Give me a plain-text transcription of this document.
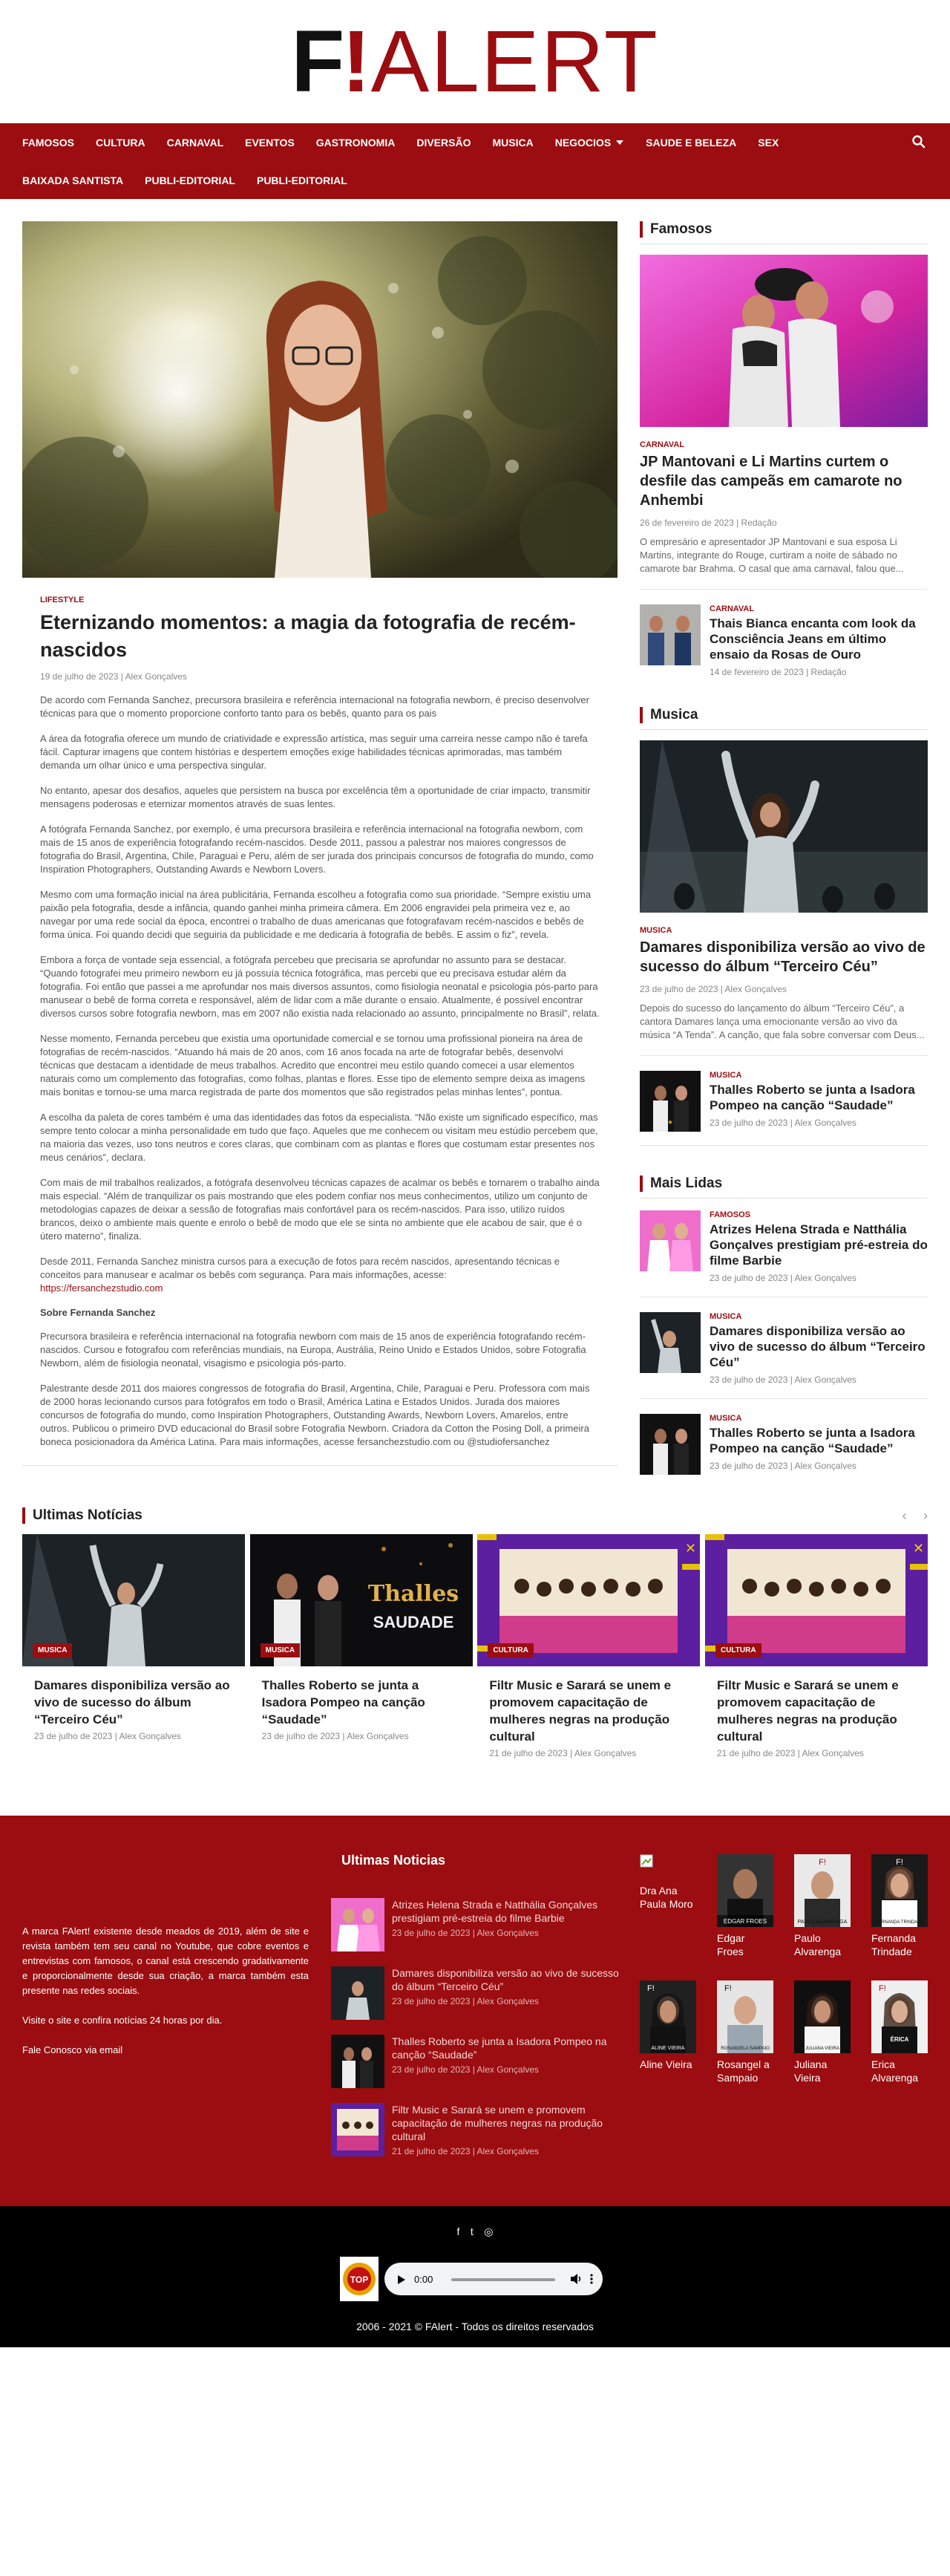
F ! ALERT
FAMOSOS CULTURA CARNAVAL EVENTOS GASTRONOMIA DIVERSÃO MUSICA NEGOCIOS	SAUDE E BELEZA SEX
BAIXADA SANTISTA PUBLI-EDITORIAL PUBLI-EDITORIAL
LIFESTYLE
Eternizando momentos: a magia da fotografia de recém-nascidos
19 de julho de 2023 | Alex Gonçalves

De acordo com Fernanda Sanchez, precursora brasileira e referência internacional na fotografia newborn, é preciso desenvolver técnicas para que o momento proporcione conforto tanto para os bebês, quanto para os pais

A área da fotografia oferece um mundo de criatividade e expressão artística, mas seguir uma carreira nesse campo não é tarefa fácil. Capturar imagens que contem histórias e despertem emoções exige habilidades técnicas aprimoradas, mas também demanda um olhar único e uma perspectiva singular.

No entanto, apesar dos desafios, aqueles que persistem na busca por excelência têm a oportunidade de criar impacto, transmitir mensagens poderosas e eternizar momentos através de suas lentes.

A fotógrafa Fernanda Sanchez, por exemplo, é uma precursora brasileira e referência internacional na fotografia newborn, com mais de 15 anos de experiência fotografando recém-nascidos. Desde 2011, passou a palestrar nos maiores congressos de fotografia do Brasil, Argentina, Chile, Paraguai e Peru, além de ser jurada dos principais concursos de fotografia do mundo, como Inspiration Photographers, Outstanding Awards e Newborn Lovers.

Mesmo com uma formação inicial na área publicitária, Fernanda escolheu a fotografia como sua prioridade. “Sempre existiu uma paixão pela fotografia, desde a infância, quando ganhei minha primeira câmera. Em 2006 engravidei pela primeira vez e, ao navegar por uma rede social da época, encontrei o trabalho de duas americanas que fotografavam recém-nascidos e bebês de forma única. Foi quando decidi que seguiria da publicidade e me dedicaria à fotografia de bebês. E assim o fiz”, revela.

Embora a força de vontade seja essencial, a fotógrafa percebeu que precisaria se aprofundar no assunto para se destacar. “Quando fotografei meu primeiro newborn eu já possuía técnica fotográfica, mas percebi que eu precisava estudar além da fotografia. Foi então que passei a me aprofundar nos mais diversos assuntos, como fisiologia neonatal e psicologia pós-parto para manusear o bebê de forma correta e responsável, além de lidar com a mãe durante o ensaio. Atualmente, é possível encontrar diversos cursos sobre fotografia newborn, mas em 2007 não existia nada relacionado ao assunto, principalmente no Brasil”, relata.

Nesse momento, Fernanda percebeu que existia uma oportunidade comercial e se tornou uma profissional pioneira na área de fotografias de recém-nascidos. “Atuando há mais de 20 anos, com 16 anos focada na arte de fotografar bebês, desenvolvi técnicas que destacam a identidade de meus trabalhos. Acredito que encontrei meu estilo quando comecei a usar elementos naturais como um complemento das fotografias, como folhas, plantas e flores. Esse tipo de elemento sempre deixa as imagens mais bonitas e tornou-se uma marca registrada de parte dos momentos que são registrados pelas minhas lentes”, pontua.

A escolha da paleta de cores também é uma das identidades das fotos da especialista. “Não existe um significado específico, mas sempre tento colocar a minha personalidade em tudo que faço. Aqueles que me conhecem ou visitam meu estúdio percebem que, na maioria das vezes, uso tons neutros e cores claras, que combinam com as plantas e flores que costumam estar presentes nos meus cenários”, declara.

Com mais de mil trabalhos realizados, a fotógrafa desenvolveu técnicas capazes de acalmar os bebês e tornarem o trabalho ainda mais especial. “Além de tranquilizar os pais mostrando que eles podem confiar nos meus conhecimentos, utilizo um conjunto de metodologias capazes de deixar a sessão de fotografias mais confortável para os recém-nascidos. Para isso, utilizo ruídos brancos, deixo o ambiente mais quente e enrolo o bebê de modo que ele se sinta no ambiente que ele acabou de sair, que é o útero materno”, finaliza.

Desde 2011, Fernanda Sanchez ministra cursos para a execução de fotos para recém nascidos, apresentando técnicas e conceitos para manusear e acalmar os bebês com segurança. Para mais informações, acesse:
https://fersanchezstudio.com

Sobre Fernanda Sanchez

Precursora brasileira e referência internacional na fotografia newborn com mais de 15 anos de experiência fotografando recém-nascidos. Cursou e fotografou com referências mundiais, na Europa, Austrália, Reino Unido e Estados Unidos, sobre Fotografia Newborn, além de fisiologia neonatal, visagismo e psicologia pós-parto.

Palestrante desde 2011 dos maiores congressos de fotografia do Brasil, Argentina, Chile, Paraguai e Peru. Professora com mais de 2000 horas lecionando cursos para fotógrafos em todo o Brasil, América Latina e Estados Unidos. Jurada dos maiores concursos de fotografia do mundo, como Inspiration Photographers, Outstanding Awards, Newborn Lovers, Amarelos, entre outros. Publicou o primeiro DVD educacional do Brasil sobre Fotografia Newborn. Criadora da Cotton the Posing Doll, a primeira boneca posicionadora da América Latina. Para mais informações, acesse fersanchezstudio.com ou @studiofersanchez

Famosos
CARNAVAL
JP Mantovani e Li Martins curtem o desfile das campeãs em camarote no Anhembi
26 de fevereiro de 2023 | Redação
O empresário e apresentador JP Mantovani e sua esposa Li Martins, integrante do Rouge, curtiram a noite de sábado no camarote bar Brahma. O casal que ama carnaval, falou que...
CARNAVAL
Thais Bianca encanta com look da Consciência Jeans em último ensaio da Rosas de Ouro
14 de fevereiro de 2023 | Redação
Musica
MUSICA
Damares disponibiliza versão ao vivo de sucesso do álbum “Terceiro Céu”
23 de julho de 2023 | Alex Gonçalves
Depois do sucesso do lançamento do álbum “Terceiro Céu”, a cantora Damares lança uma emocionante versão ao vivo da música “A Tenda”. A canção, que fala sobre conversar com Deus...
★
MUSICA
Thalles Roberto se junta a Isadora Pompeo na canção “Saudade”
23 de julho de 2023 | Alex Gonçalves
Mais Lidas
FAMOSOS
Atrizes Helena Strada e Natthália Gonçalves prestigiam pré-estreia do filme Barbie
23 de julho de 2023 | Alex Gonçalves
MUSICA
Damares disponibiliza versão ao vivo de sucesso do álbum “Terceiro Céu”
23 de julho de 2023 | Alex Gonçalves
MUSICA
Thalles Roberto se junta a Isadora Pompeo na canção “Saudade”
23 de julho de 2023 | Alex Gonçalves
Ultimas Notícias	‹ ›
MUSICA
Damares disponibiliza versão ao vivo de sucesso do álbum “Terceiro Céu”
23 de julho de 2023 | Alex Gonçalves
Thalles
SAUDADE
MUSICA
Thalles Roberto se junta a Isadora Pompeo na canção “Saudade”
23 de julho de 2023 | Alex Gonçalves
✕
CULTURA
Filtr Music e Sarará se unem e promovem capacitação de mulheres negras na produção cultural
21 de julho de 2023 | Alex Gonçalves
✕
CULTURA
Filtr Music e Sarará se unem e promovem capacitação de mulheres negras na produção cultural
21 de julho de 2023 | Alex Gonçalves

A marca FAlert! existente desde meados de 2019, além de site e revista também tem seu canal no Youtube, que cobre eventos e entrevistas com famosos, o canal está crescendo gradativamente e proporcionalmente desde sua criação, a marca também esta presente nas redes sociais.

Visite o site e confira notícias 24 horas por dia.

Fale Conosco via email

Ultimas Noticias
Atrizes Helena Strada e Natthália Gonçalves prestigiam pré-estreia do filme Barbie
23 de julho de 2023 | Alex Gonçalves
Damares disponibiliza versão ao vivo de sucesso do álbum “Terceiro Céu”
23 de julho de 2023 | Alex Gonçalves
Thalles Roberto se junta a Isadora Pompeo na canção “Saudade”
23 de julho de 2023 | Alex Gonçalves
Filtr Music e Sarará se unem e promovem capacitação de mulheres negras na produção cultural
21 de julho de 2023 | Alex Gonçalves
Dra Ana Paula Moro
EDGAR FROES
Edgar Froes
F!
PAULO ALVARENGA
Paulo Alvarenga
F!
FERNANDA TRINDADE
Fernanda Trindade
F!
ALINE VIEIRA
Aline Vieira
F!
ROSANGELA SAMPAIO
Rosangel a Sampaio
JULIANA VIEIRA
Juliana Vieira
F!
ÉRICA
Erica Alvarenga
f t ◎
TOP	0:00
2006 - 2021 © FAlert - Todos os direitos reservados
